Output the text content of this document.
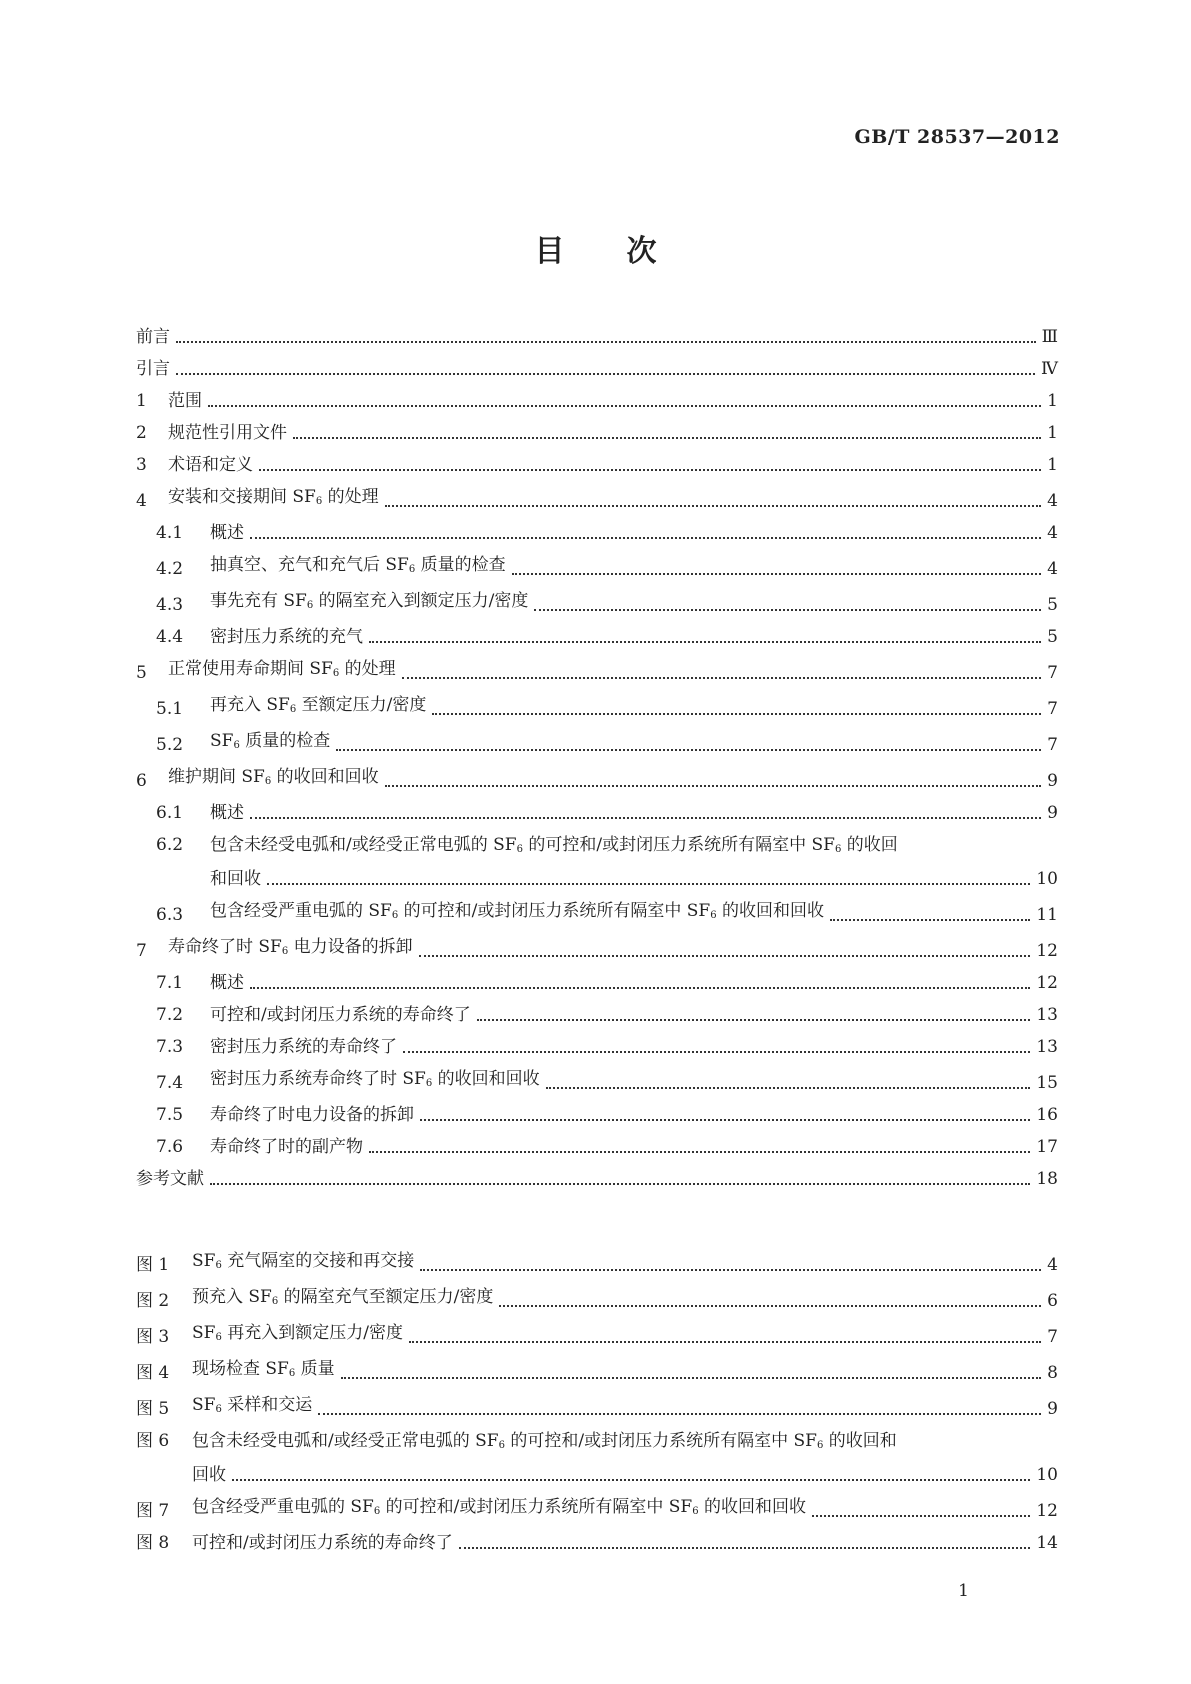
GB/T 28537—2012
目 次
前言	Ⅲ
引言	Ⅳ
1	范围	1
2	规范性引用文件	1
3	术语和定义	1
4	安装和交接期间 $SF_6$ 的处理	4
4.1	概述	4
4.2	抽真空、充气和充气后 $SF_6$ 质量的检查	4
4.3	事先充有 $SF_6$ 的隔室充入到额定压力/密度	5
4.4	密封压力系统的充气	5
5	正常使用寿命期间 $SF_6$ 的处理	7
5.1	再充入 $SF_6$ 至额定压力/密度	7
5.2	$SF_6$ 质量的检查	7
6	维护期间 $SF_6$ 的收回和回收	9
6.1	概述	9
6.2	包含未经受电弧和/或经受正常电弧的 $SF_6$ 的可控和/或封闭压力系统所有隔室中 $SF_6$ 的收回
和回收	10
6.3	包含经受严重电弧的 $SF_6$ 的可控和/或封闭压力系统所有隔室中 $SF_6$ 的收回和回收	11
7	寿命终了时 $SF_6$ 电力设备的拆卸	12
7.1	概述	12
7.2	可控和/或封闭压力系统的寿命终了	13
7.3	密封压力系统的寿命终了	13
7.4	密封压力系统寿命终了时 $SF_6$ 的收回和回收	15
7.5	寿命终了时电力设备的拆卸	16
7.6	寿命终了时的副产物	17
参考文献	18
图 1	$SF_6$ 充气隔室的交接和再交接	4
图 2	预充入 $SF_6$ 的隔室充气至额定压力/密度	6
图 3	$SF_6$ 再充入到额定压力/密度	7
图 4	现场检查 $SF_6$ 质量	8
图 5	$SF_6$ 采样和交运	9
图 6	包含未经受电弧和/或经受正常电弧的 $SF_6$ 的可控和/或封闭压力系统所有隔室中 $SF_6$ 的收回和
回收	10
图 7	包含经受严重电弧的 $SF_6$ 的可控和/或封闭压力系统所有隔室中 $SF_6$ 的收回和回收	12
图 8	可控和/或封闭压力系统的寿命终了	14
1
